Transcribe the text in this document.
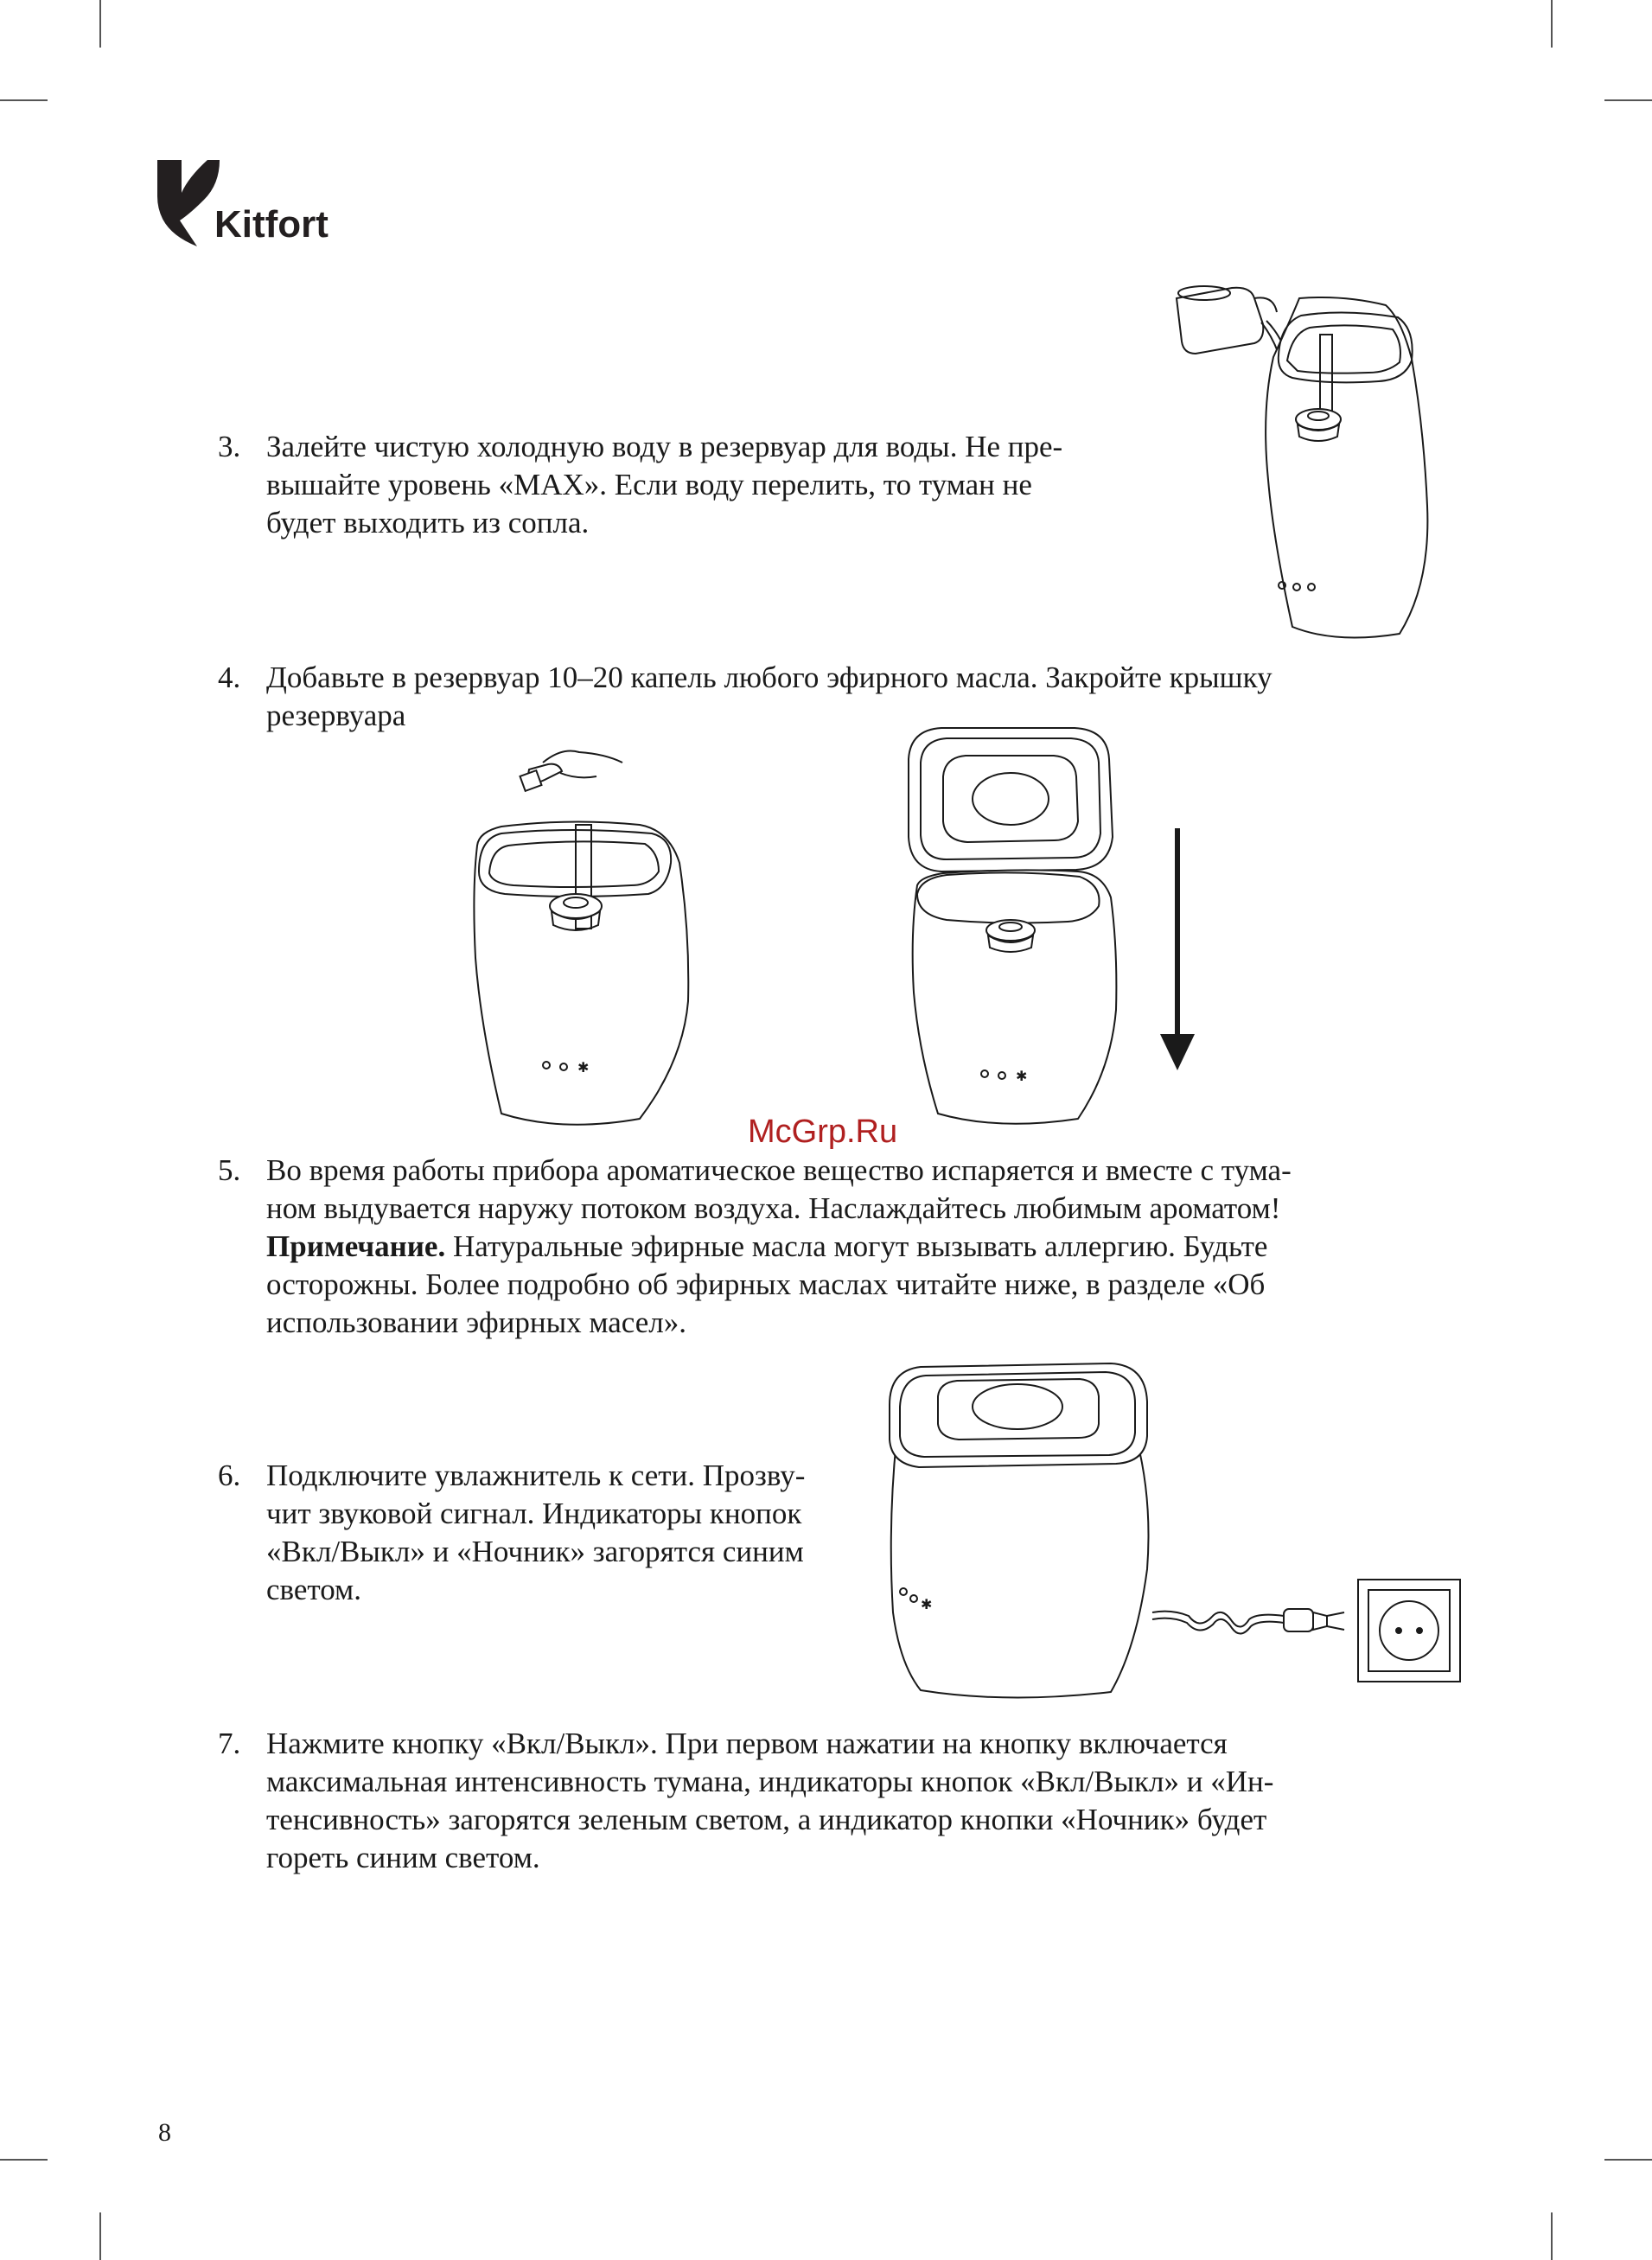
Kitfort
3. Залейте чистую холодную воду в резервуар для воды. Не пре-
вышайте уровень «MAX». Если воду перелить, то туман не
будет выходить из сопла.
4. Добавьте в резервуар 10–20 капель любого эфирного масла. Закройте крышку
резервуара
✱
✱
McGrp.Ru
5. Во время работы прибора ароматическое вещество испаряется и вместе с тума-
ном выдувается наружу потоком воздуха. Наслаждайтесь любимым ароматом!
Примечание. Натуральные эфирные масла могут вызывать аллергию. Будьте
осторожны. Более подробно об эфирных маслах читайте ниже, в разделе «Об
использовании эфирных масел».
6. Подключите увлажнитель к сети. Прозву-
чит звуковой сигнал. Индикаторы кнопок
«Вкл/Выкл» и «Ночник» загорятся синим
светом.	✱
7. Нажмите кнопку «Вкл/Выкл». При первом нажатии на кнопку включается
максимальная интенсивность тумана, индикаторы кнопок «Вкл/Выкл» и «Ин-
тенсивность» загорятся зеленым светом, а индикатор кнопки «Ночник» будет
гореть синим светом.
8
